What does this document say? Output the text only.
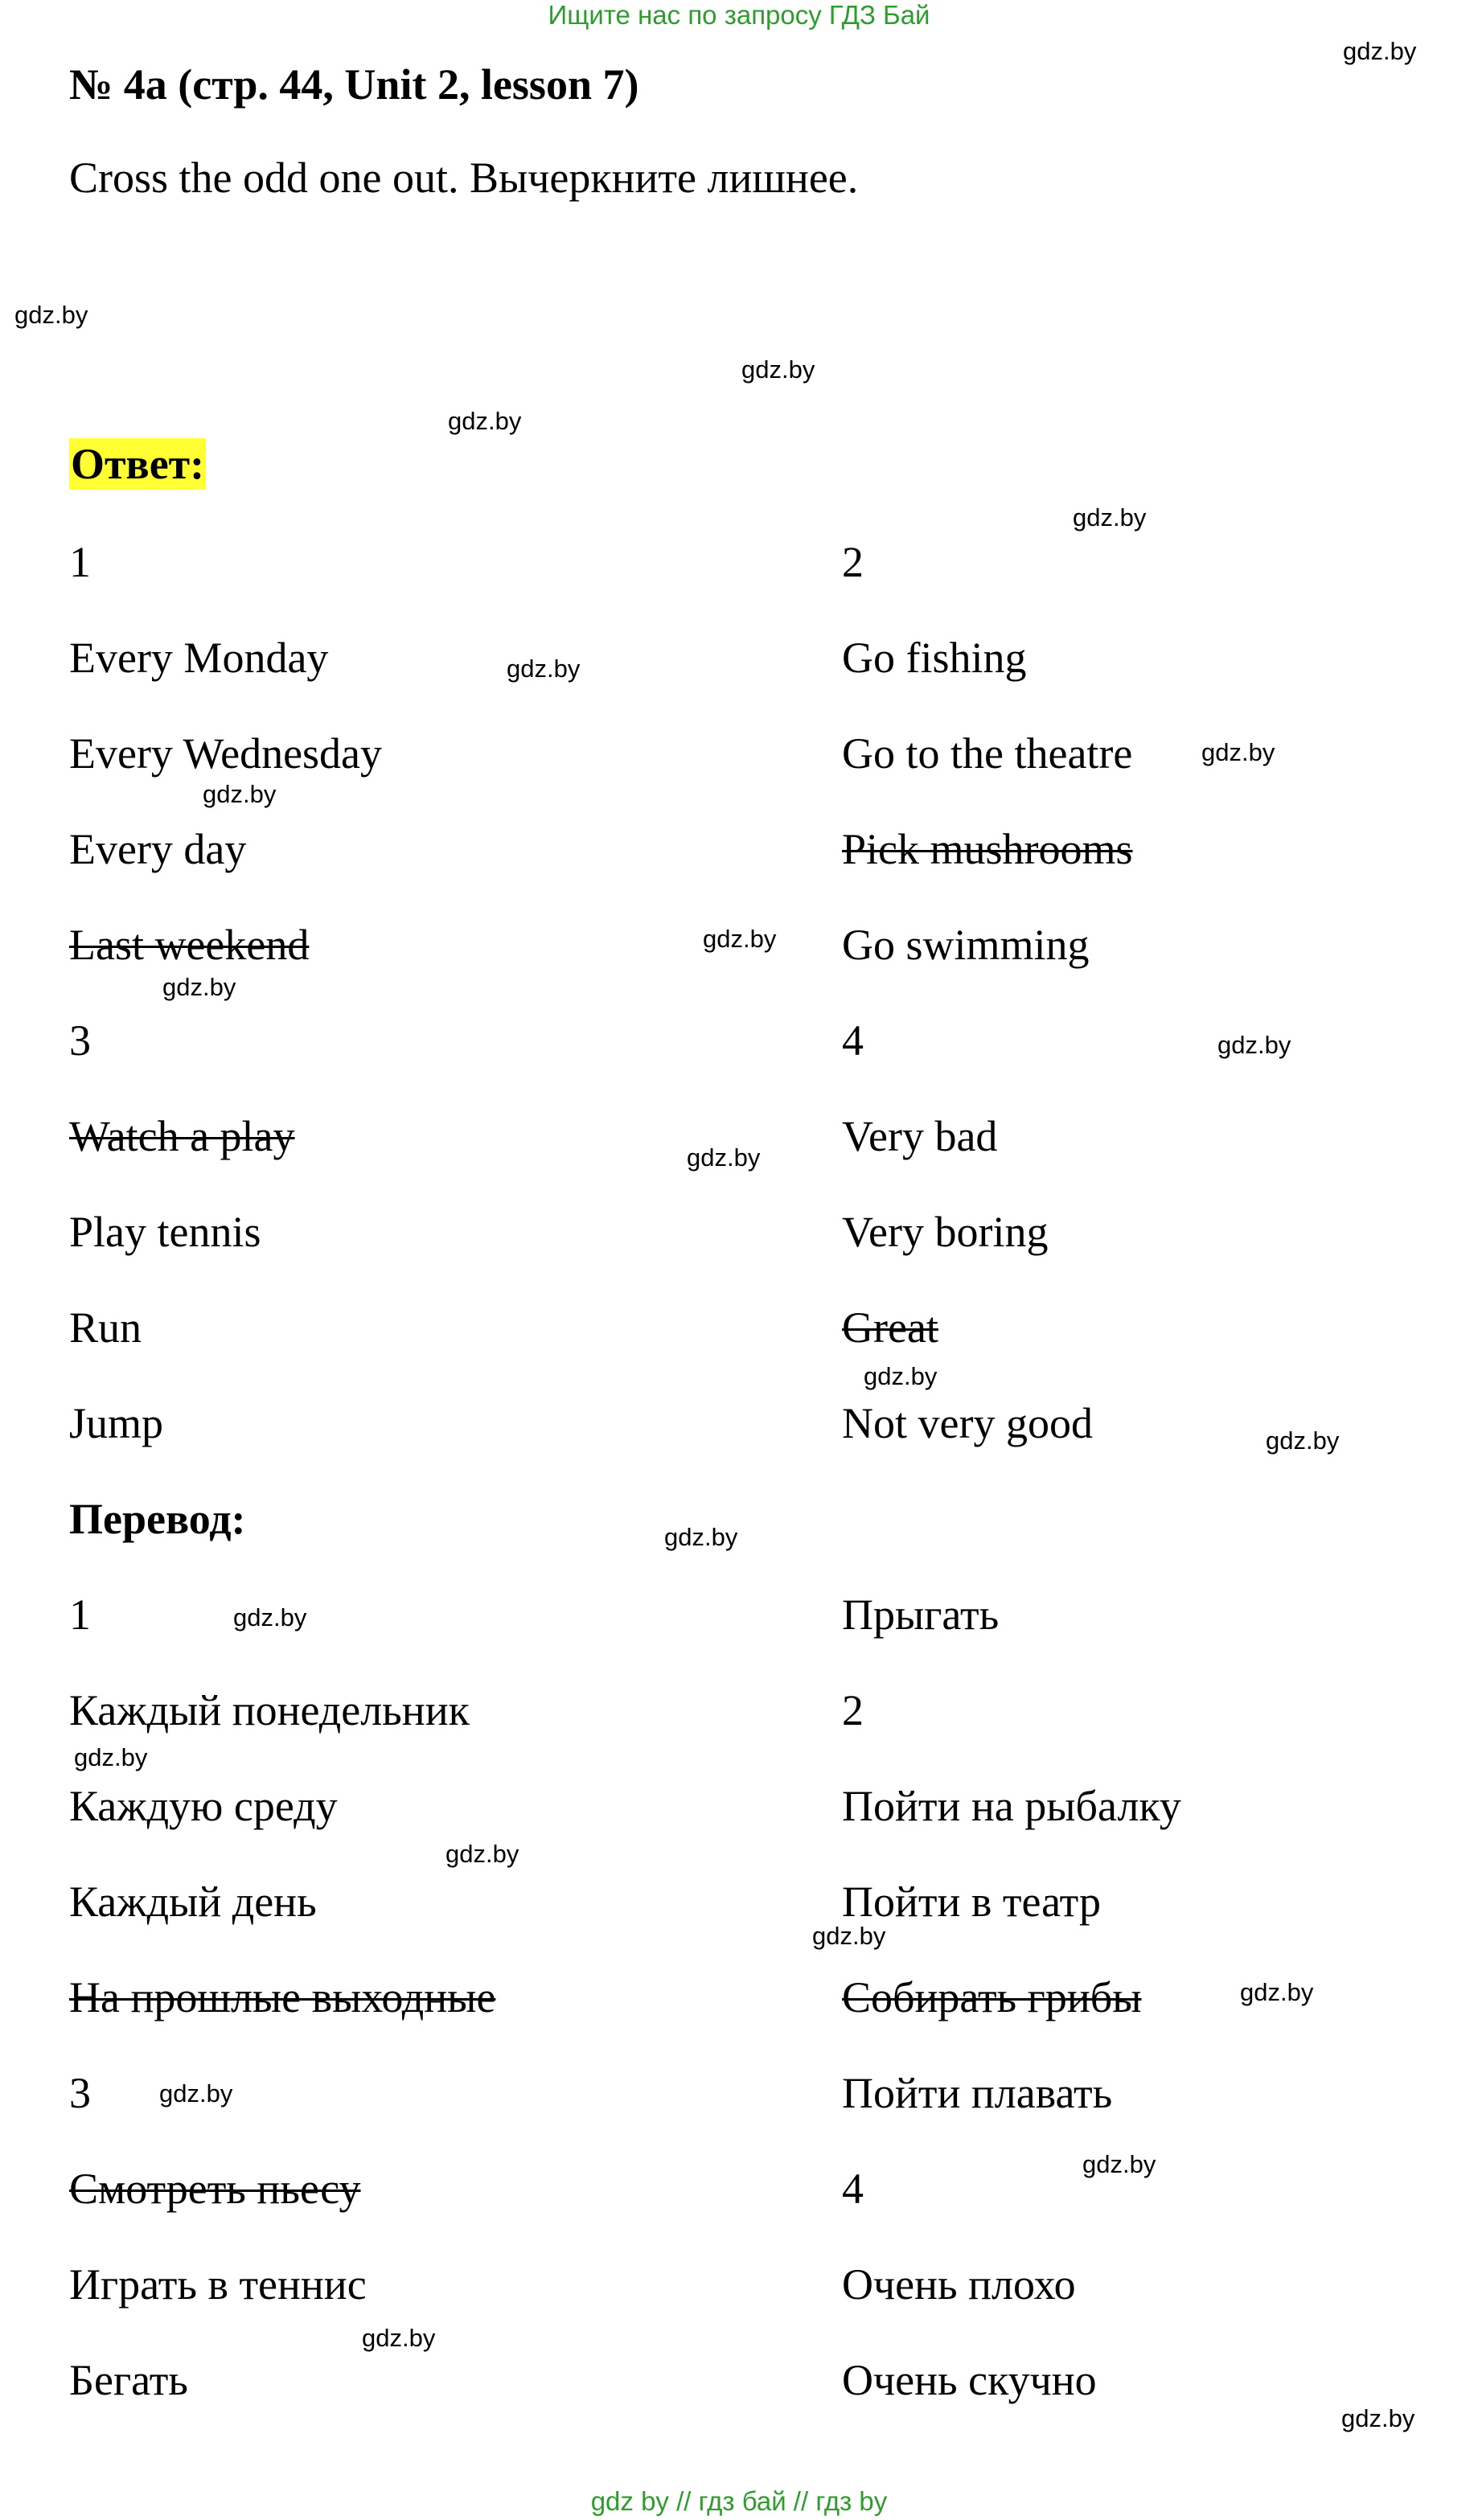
Ищите нас по запросу ГДЗ Бай
№ 4а (стр. 44, Unit 2, lesson 7)
Cross the odd one out. Вычеркните лишнее.
Ответ:
1
Every Monday
Every Wednesday
Every day
Last weekend
3
Watch a play
Play tennis
Run
Jump
2
Go fishing
Go to the theatre
Pick mushrooms
Go swimming
4
Very bad
Very boring
Great
Not very good
Перевод:
1
Каждый понедельник
Каждую среду
Каждый день
На прошлые выходные
3
Смотреть пьесу
Играть в теннис
Бегать
Прыгать
2
Пойти на рыбалку
Пойти в театр
Собирать грибы
Пойти плавать
4
Очень плохо
Очень скучно
gdz.by
gdz.by
gdz.by
gdz.by
gdz.by
gdz.by
gdz.by
gdz.by
gdz.by
gdz.by
gdz.by
gdz.by
gdz.by
gdz.by
gdz.by
gdz.by
gdz.by
gdz.by
gdz.by
gdz.by
gdz.by
gdz.by
gdz.by
gdz.by
gdz by // гдз бай // гдз by
